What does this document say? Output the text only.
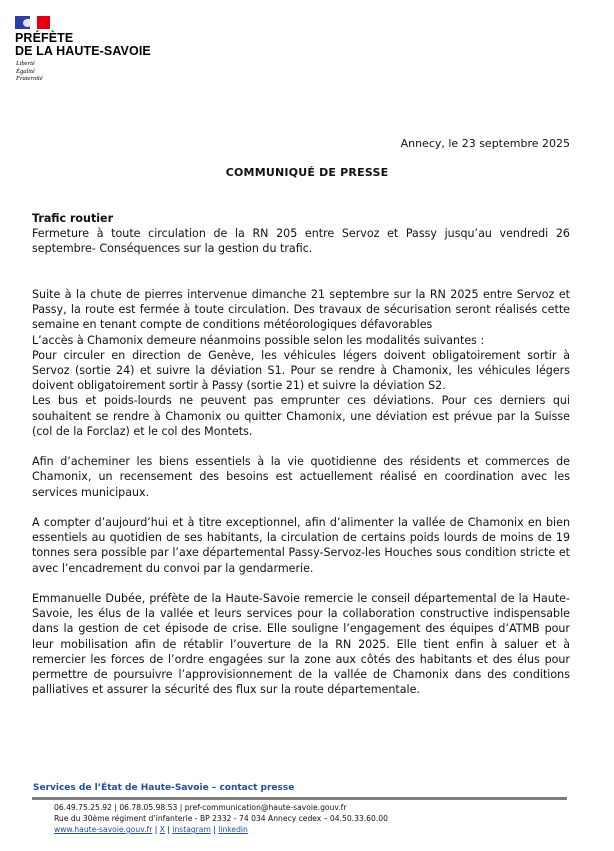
PRÉFÈTE
DE LA HAUTE-SAVOIE
Liberté
Égalité
Fraternité
Annecy, le 23 septembre 2025
COMMUNIQUÉ DE PRESSE

Trafic routier

Fermeture à toute circulation de la RN 205 entre Servoz et Passy jusqu’au vendredi 26 septembre- Conséquences sur la gestion du trafic.

Suite à la chute de pierres intervenue dimanche 21 septembre sur la RN 2025 entre Servoz et Passy, la route est fermée à toute circulation. Des travaux de sécurisation seront réalisés cette semaine en tenant compte de conditions météorologiques défavorables

L’accès à Chamonix demeure néanmoins possible selon les modalités suivantes :

Pour circuler en direction de Genève, les véhicules légers doivent obligatoirement sortir à Servoz (sortie 24) et suivre la déviation S1. Pour se rendre à Chamonix, les véhicules légers doivent obligatoirement sortir à Passy (sortie 21) et suivre la déviation S2.

Les bus et poids-lourds ne peuvent pas emprunter ces déviations. Pour ces derniers qui souhaitent se rendre à Chamonix ou quitter Chamonix, une déviation est prévue par la Suisse (col de la Forclaz) et le col des Montets.

Afin d’acheminer les biens essentiels à la vie quotidienne des résidents et commerces de Chamonix, un recensement des besoins est actuellement réalisé en coordination avec les services municipaux.

A compter d’aujourd’hui et à titre exceptionnel, afin d’alimenter la vallée de Chamonix en bien essentiels au quotidien de ses habitants, la circulation de certains poids lourds de moins de 19 tonnes sera possible par l’axe départemental Passy-Servoz-les Houches sous condition stricte et avec l’encadrement du convoi par la gendarmerie.

Emmanuelle Dubée, préfète de la Haute-Savoie remercie le conseil départemental de la Haute-Savoie, les élus de la vallée et leurs services pour la collaboration constructive indispensable dans la gestion de cet épisode de crise. Elle souligne l’engagement des équipes d’ATMB pour leur mobilisation afin de rétablir l’ouverture de la RN 2025. Elle tient enfin à saluer et à remercier les forces de l’ordre engagées sur la zone aux côtés des habitants et des élus pour permettre de poursuivre l’approvisionnement de la vallée de Chamonix dans des conditions palliatives et assurer la sécurité des flux sur la route départementale.

Services de l’État de Haute-Savoie – contact presse
06.49.75.25.92 | 06.78.05.98.53 | pref-communication@haute-savoie.gouv.fr
Rue du 30ème régiment d’infanterie - BP 2332 - 74 034 Annecy cedex – 04.50.33.60.00
www.haute-savoie.gouv.fr | X | instagram | linkedin
